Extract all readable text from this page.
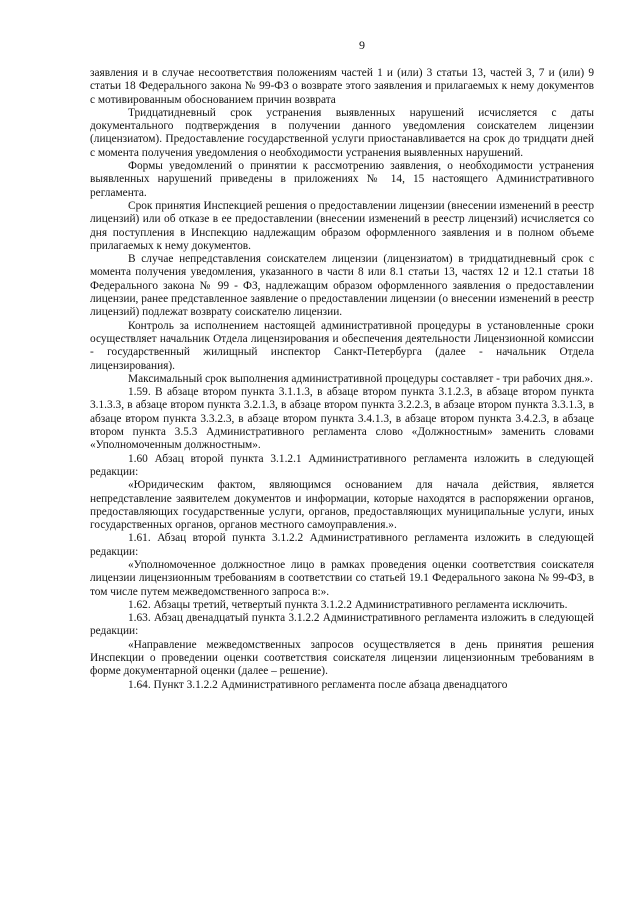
9

заявления и в случае несоответствия положениям частей 1 и (или) 3 статьи 13, частей 3, 7 и (или) 9 статьи 18 Федерального закона № 99-ФЗ о возврате этого заявления и прилагаемых к нему документов с мотивированным обоснованием причин возврата

Тридцатидневный срок устранения выявленных нарушений исчисляется с даты документального подтверждения в получении данного уведомления соискателем лицензии (лицензиатом). Предоставление государственной услуги приостанавливается на срок до тридцати дней с момента получения уведомления о необходимости устранения выявленных нарушений.

Формы уведомлений о принятии к рассмотрению заявления, о необходимости устранения выявленных нарушений приведены в приложениях № 14, 15 настоящего Административного регламента.

Срок принятия Инспекцией решения о предоставлении лицензии (внесении изменений в реестр лицензий) или об отказе в ее предоставлении (внесении изменений в реестр лицензий) исчисляется со дня поступления в Инспекцию надлежащим образом оформленного заявления и в полном объеме прилагаемых к нему документов.

В случае непредставления соискателем лицензии (лицензиатом) в тридцатидневный срок с момента получения уведомления, указанного в части 8 или 8.1 статьи 13, частях 12 и 12.1 статьи 18 Федерального закона № 99 - ФЗ, надлежащим образом оформленного заявления о предоставлении лицензии, ранее представленное заявление о предоставлении лицензии (о внесении изменений в реестр лицензий) подлежат возврату соискателю лицензии.

Контроль за исполнением настоящей административной процедуры в установленные сроки осуществляет начальник Отдела лицензирования и обеспечения деятельности Лицензионной комиссии - государственный жилищный инспектор Санкт-Петербурга (далее - начальник Отдела лицензирования).

Максимальный срок выполнения административной процедуры составляет - три рабочих дня.».

1.59. В абзаце втором пункта 3.1.1.3, в абзаце втором пункта 3.1.2.3, в абзаце втором пункта 3.1.3.3, в абзаце втором пункта 3.2.1.3, в абзаце втором пункта 3.2.2.3, в абзаце втором пункта 3.3.1.3, в абзаце втором пункта 3.3.2.3, в абзаце втором пункта 3.4.1.3, в абзаце втором пункта 3.4.2.3, в абзаце втором пункта 3.5.3 Административного регламента слово «Должностным» заменить словами «Уполномоченным должностным».

1.60 Абзац второй пункта 3.1.2.1 Административного регламента изложить в следующей редакции:

«Юридическим фактом, являющимся основанием для начала действия, является непредставление заявителем документов и информации, которые находятся в распоряжении органов, предоставляющих государственные услуги, органов, предоставляющих муниципальные услуги, иных государственных органов, органов местного самоуправления.».

1.61. Абзац второй пункта 3.1.2.2 Административного регламента изложить в следующей редакции:

«Уполномоченное должностное лицо в рамках проведения оценки соответствия соискателя лицензии лицензионным требованиям в соответствии со статьей 19.1 Федерального закона № 99-ФЗ, в том числе путем межведомственного запроса в:».

1.62. Абзацы третий, четвертый пункта 3.1.2.2 Административного регламента исключить.

1.63. Абзац двенадцатый пункта 3.1.2.2 Административного регламента изложить в следующей редакции:

«Направление межведомственных запросов осуществляется в день принятия решения Инспекции о проведении оценки соответствия соискателя лицензии лицензионным требованиям в форме документарной оценки (далее – решение).

1.64. Пункт 3.1.2.2 Административного регламента после абзаца двенадцатого
